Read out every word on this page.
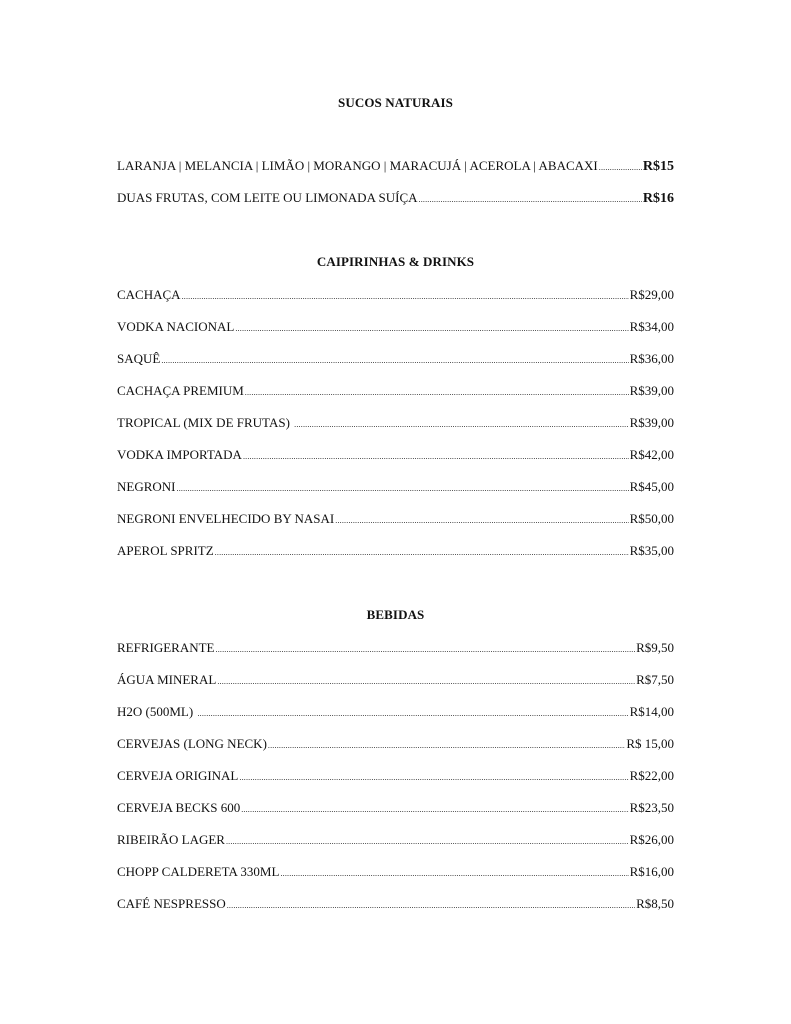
SUCOS NATURAIS
LARANJA | MELANCIA | LIMÃO | MORANGO | MARACUJÁ | ACEROLA | ABACAXI .....	R$15
DUAS FRUTAS, COM LEITE OU LIMONADA SUÍÇA .....	R$16
CAIPIRINHAS & DRINKS
CACHAÇA .....	R$29,00
VODKA NACIONAL .....	R$34,00
SAQUÊ .....	R$36,00
CACHAÇA PREMIUM .....	R$39,00
TROPICAL (MIX DE FRUTAS) .....	R$39,00
VODKA IMPORTADA .....	R$42,00
NEGRONI .....	R$45,00
NEGRONI ENVELHECIDO BY NASAI .....	R$50,00
APEROL SPRITZ .....	R$35,00
BEBIDAS
REFRIGERANTE .....	R$9,50
ÁGUA MINERAL .....	R$7,50
H2O (500ML) .....	R$14,00
CERVEJAS (LONG NECK) .....	R$ 15,00
CERVEJA ORIGINAL .....	R$22,00
CERVEJA BECKS 600 .....	R$23,50
RIBEIRÃO LAGER .....	R$26,00
CHOPP CALDERETA 330ML .....	R$16,00
CAFÉ NESPRESSO .....	R$8,50
